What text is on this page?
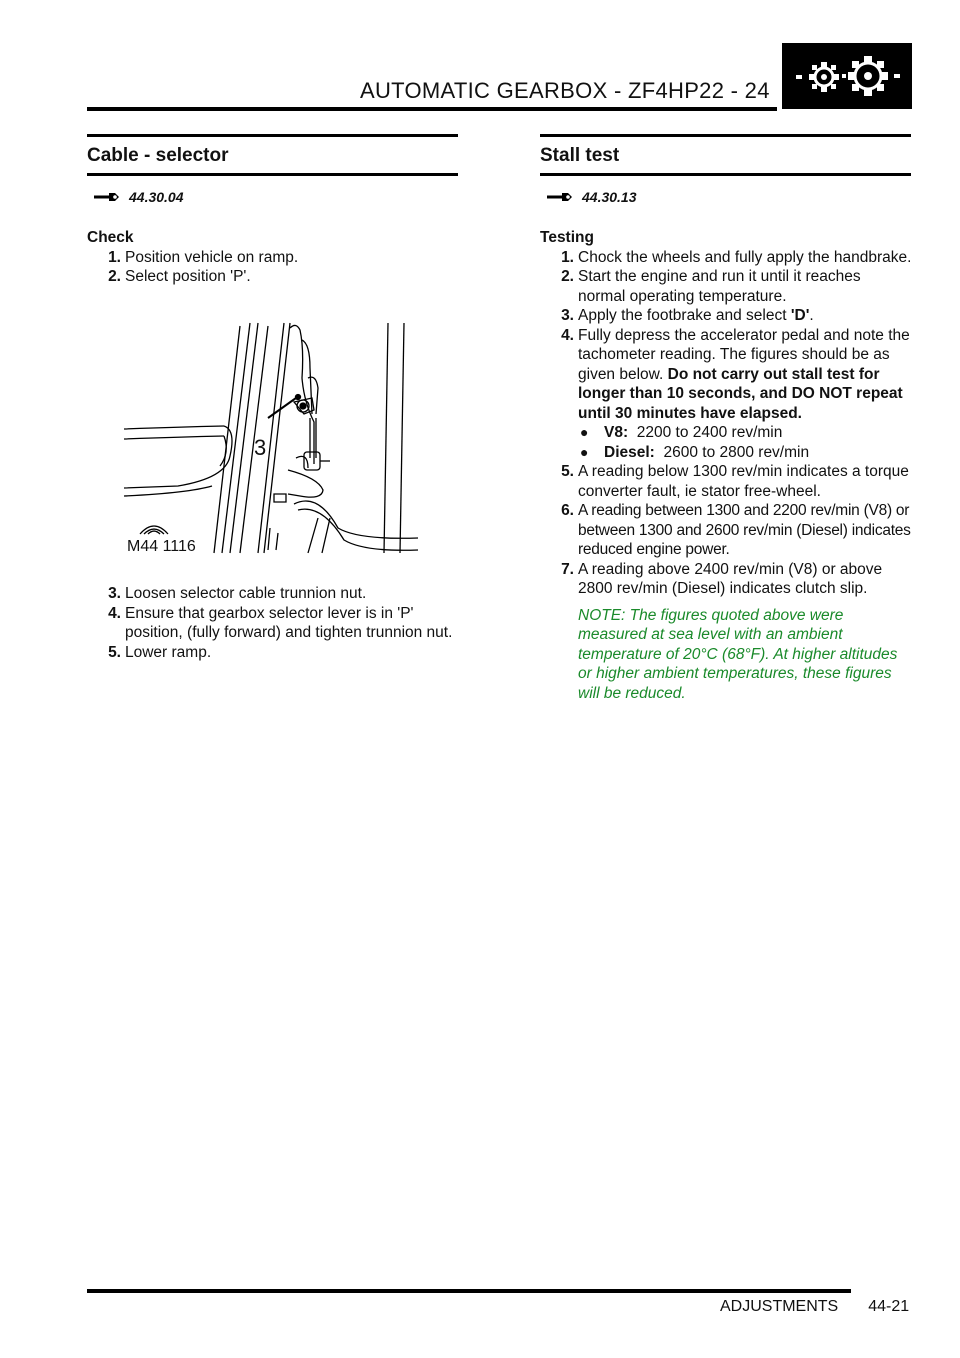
AUTOMATIC GEARBOX - ZF4HP22 - 24
Cable - selector
44.30.04
Check
1. Position vehicle on ramp.
2. Select position 'P'.
3
M44 1116
3. Loosen selector cable trunnion nut.
4. Ensure that gearbox selector lever is in 'P' position, (fully forward) and tighten trunnion nut.
5. Lower ramp.
Stall test
44.30.13
Testing
1. Chock the wheels and fully apply the handbrake.
2. Start the engine and run it until it reaches normal operating temperature.
3. Apply the footbrake and select 'D'.
4. Fully depress the accelerator pedal and note the tachometer reading. The figures should be as given below. Do not carry out stall test for longer than 10 seconds, and DO NOT repeat until 30 minutes have elapsed.
●	V8: 2200 to 2400 rev/min
●	Diesel: 2600 to 2800 rev/min
5. A reading below 1300 rev/min indicates a torque converter fault, ie stator free-wheel.
6. A reading between 1300 and 2200 rev/min (V8) or between 1300 and 2600 rev/min (Diesel) indicates reduced engine power.
7. A reading above 2400 rev/min (V8) or above 2800 rev/min (Diesel) indicates clutch slip.
NOTE: The figures quoted above were measured at sea level with an ambient temperature of 20°C (68°F). At higher altitudes or higher ambient temperatures, these figures will be reduced.
ADJUSTMENTS 44-21
